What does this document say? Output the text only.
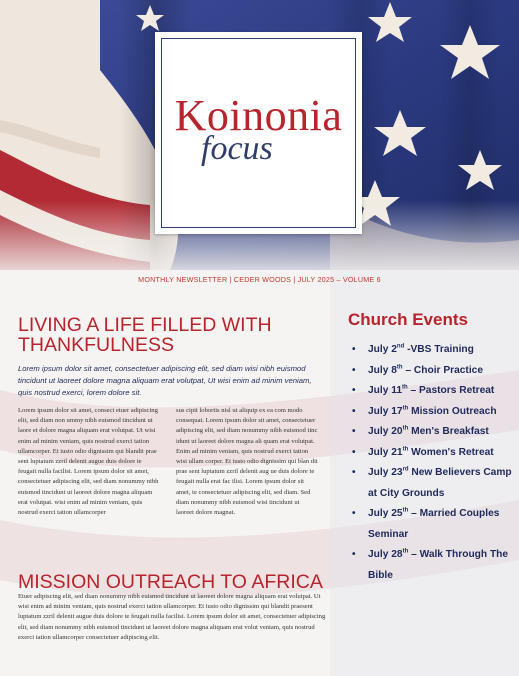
Koinonia
focus
MONTHLY NEWSLETTER | CEDER WOODS | JULY 2025 – VOLUME 6
LIVING A LIFE FILLED WITH THANKFULNESS

Lorem ipsum dolor sit amet, consectetuer adipiscing elit, sed diam wisi nibh euismod tincidunt ut laoreet dolore magna aliquam erat volutpat, Ut wisi enim ad minim veniam, quis nostrud exerci, lorem dolore sit.

Lorem ipsum dolor sit amet, consect etuer adipiscing elit, sed diam non ummy nibh euismod tincidunt ut laore et dolore magna aliquam erat volutpat. Ut wisi enim ad minim veniam, quis nostrud exerci tation ullamcorper. Et iusto odio dignissim qui blandit prae sent luptatum zzril delenit augue duis dolore te feugait nulla facilisi. Lorem ipsum dolor sit amet, consectetuer adipiscing elit, sed diam nonummy nibh euismod tincidunt ut laoreet dolore magna aliquam erat volutpat. wisi enim ad minim veniam, quis nostrud exerci tation ullamcorper

sus cipit lobortis nisl ut aliquip ex ea com modo consequat. Lorem ipsum dolor sit amet, consectetuer adipiscing elit, sed diam nonummy nibh euismod tinc idunt ut laoreet dolore magna ali quam erat volutpat. Enim ad minim veniam, quis nostrud exerci tation wisi ullam corper. Et iusto odio dignissim qui blan dit prae sent luptatum zzril delenit aug ue duis dolore te feugait nulla erat fac ilisi. Lorem ipsum dolor sit amet, te consectetuer adipiscing elit, sed diam. Sed diam nonummy nibh euismod wisi tincidunt ut laoreet dolore magnat.

MISSION OUTREACH TO AFRICA

Etuer adipiscing elit, sed diam nonummy nibh euismod tincidunt ut laoreet dolore magna aliquam erat volutpat. Ut wisi enim ad minim veniam, quis nostrud exerci tation ullamcorper. Et iusto odio dignissim qui blandit praesent luptatum zzril delenit augue duis dolore te feugait nulla facilisi. Lorem ipsum dolor sit amet, consectetuer adipiscing elit, sed diam nonummy nibh euismod tincidunt ut laoreet dolore magna aliquam erat volut veniam, quis nostrud exerci tation ullamcorper consectetuer adipiscing elit.

Church Events
• July 2nd -VBS Training
• July 8th – Choir Practice
• July 11th – Pastors Retreat
• July 17th Mission Outreach
• July 20th Men's Breakfast
• July 21th Women's Retreat
• July 23rd New Believers Camp at City Grounds
• July 25th – Married Couples Seminar
• July 28th – Walk Through The Bible
